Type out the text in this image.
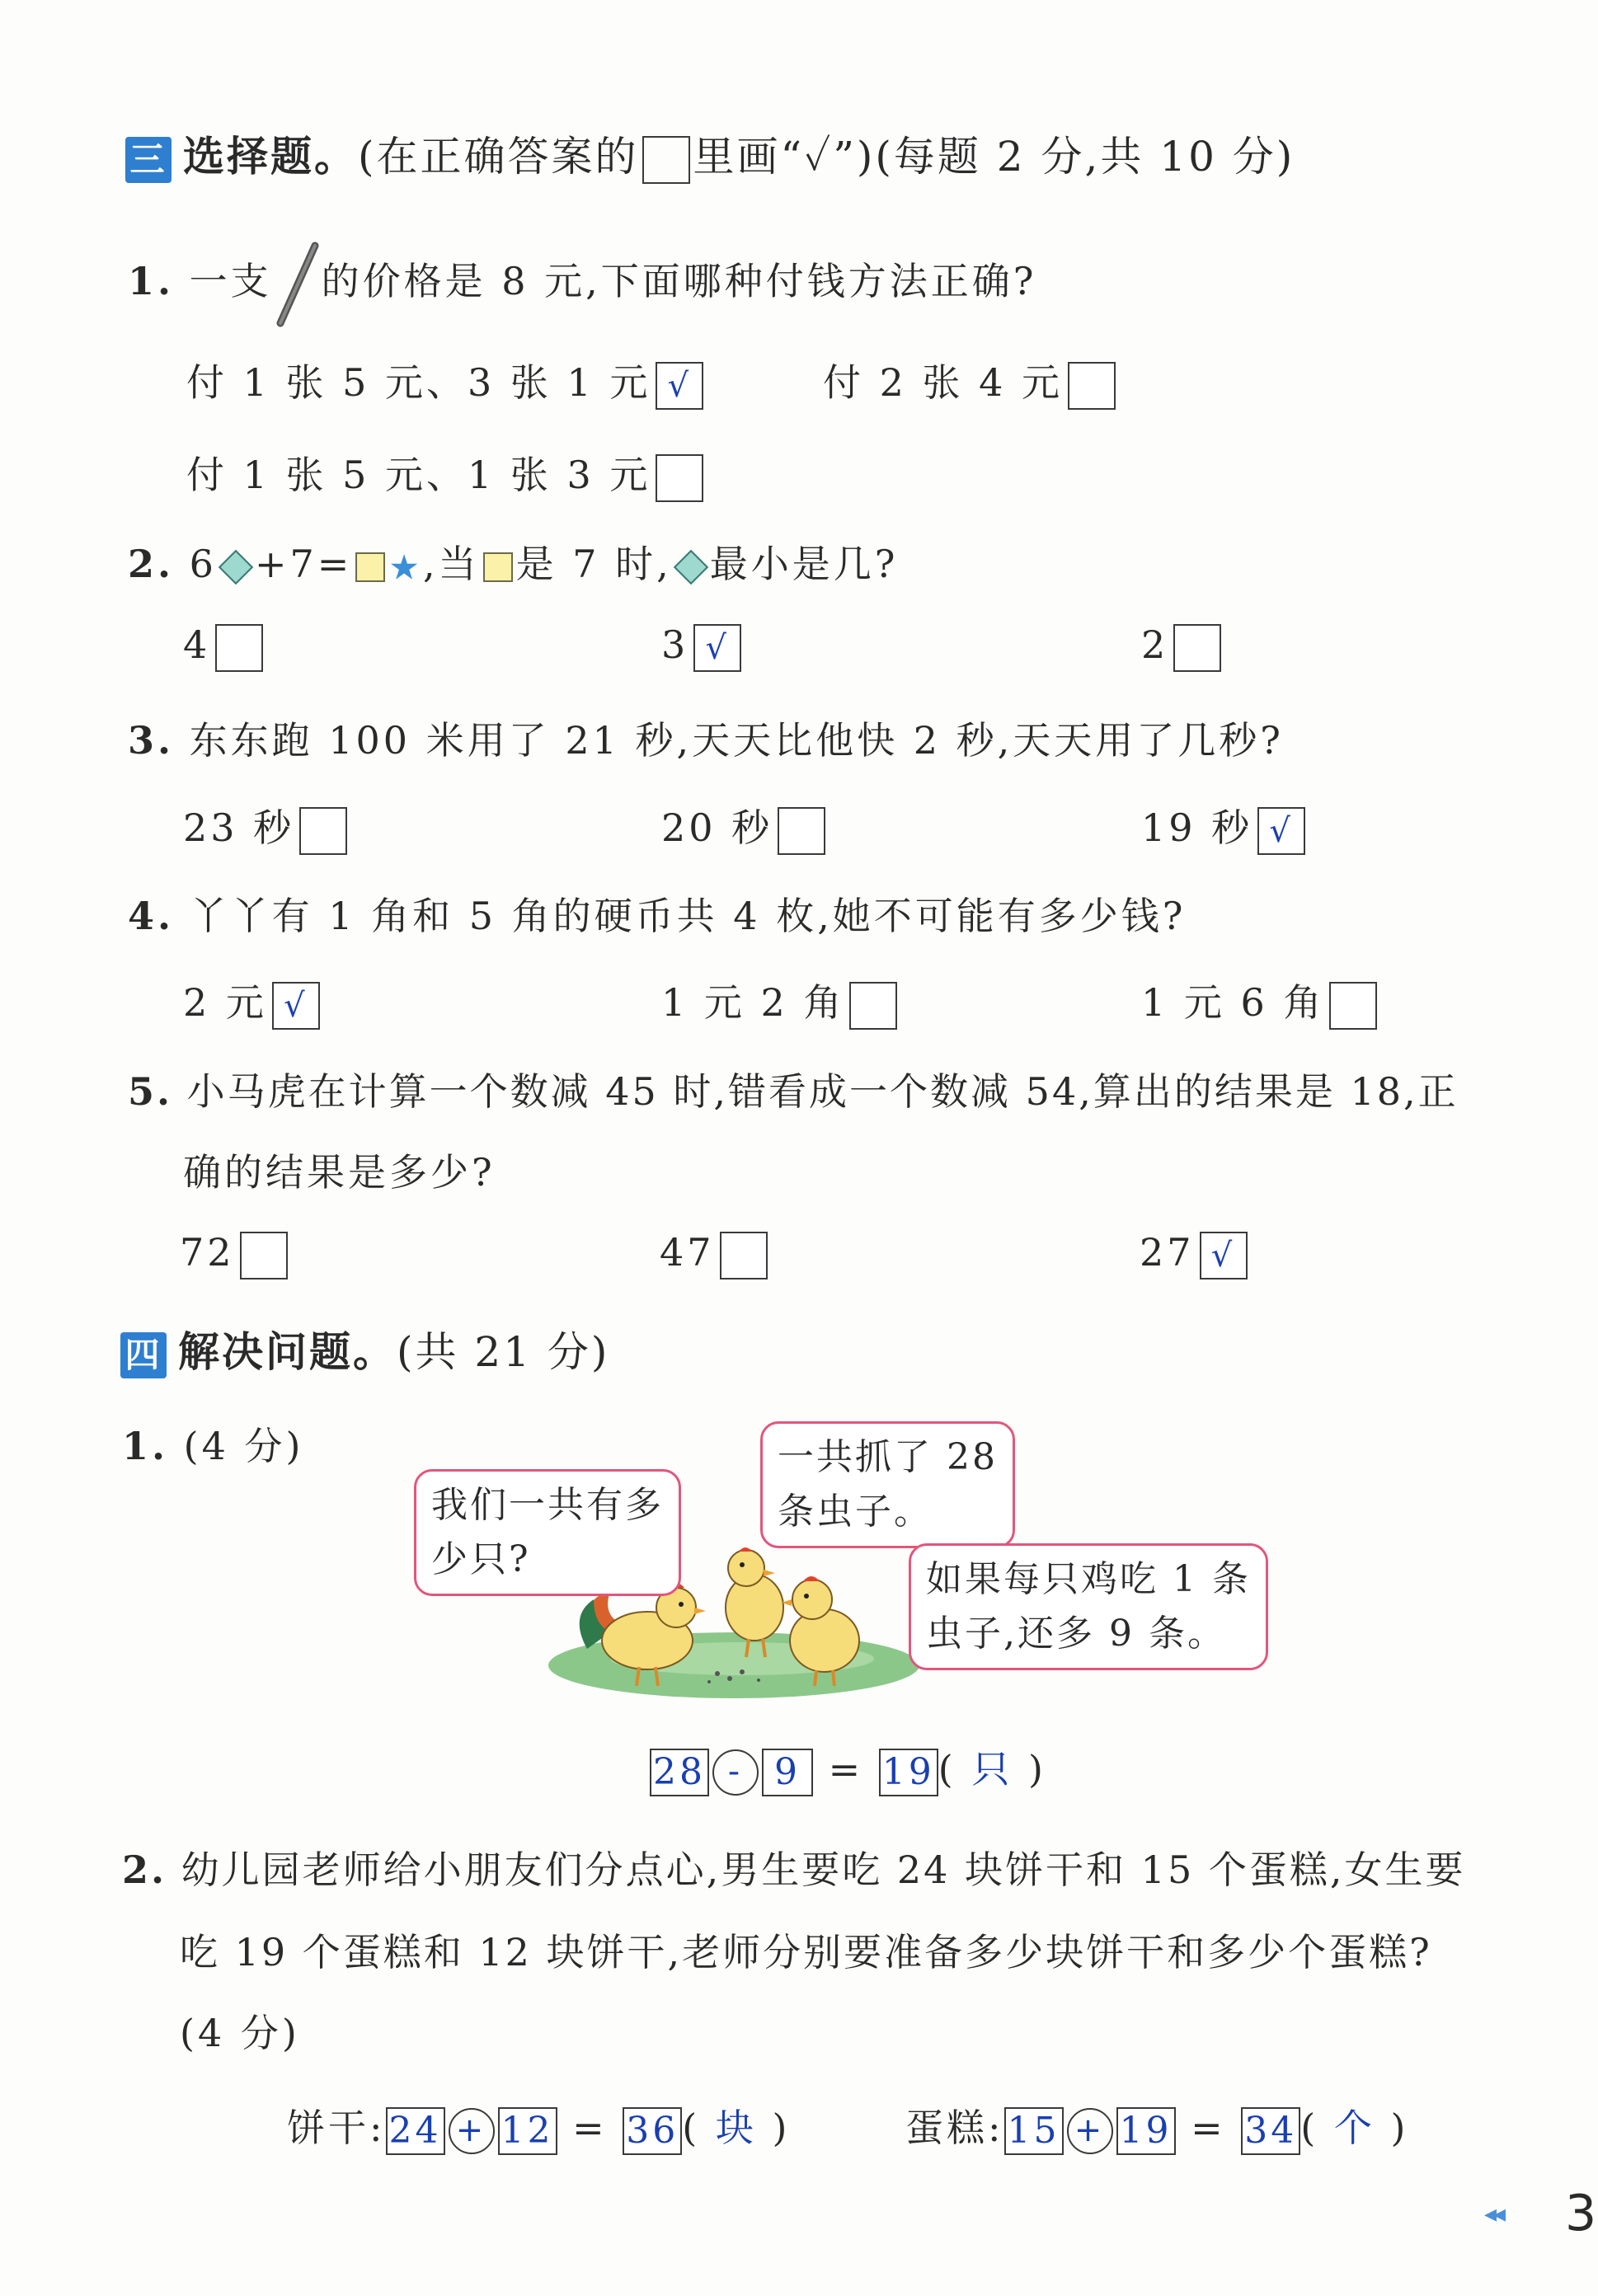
三 选择题。(在正确答案的 里画“✓”)(每题 2 分,共 10 分)
1. 一支 的价格是 8 元,下面哪种付钱方法正确?
付 1 张 5 元、3 张 1 元 √	付 2 张 4 元
付 1 张 5 元、1 张 3 元
2. 6 +7= ★,当 是 7 时, 最小是几?
4	3 √	2
3. 东东跑 100 米用了 21 秒,天天比他快 2 秒,天天用了几秒?
23 秒	20 秒	19 秒 √
4. 丫丫有 1 角和 5 角的硬币共 4 枚,她不可能有多少钱?
2 元 √	1 元 2 角	1 元 6 角
5. 小马虎在计算一个数减 45 时,错看成一个数减 54,算出的结果是 18,正
确的结果是多少?
72	47	27 √
四 解决问题。(共 21 分)
1. (4 分)
我们一共有多
少只?
一共抓了 28
条虫子。
如果每只鸡吃 1 条
虫子,还多 9 条。
28 - 9 = 19( 只 )
2. 幼儿园老师给小朋友们分点心,男生要吃 24 块饼干和 15 个蛋糕,女生要
吃 19 个蛋糕和 12 块饼干,老师分别要准备多少块饼干和多少个蛋糕?
(4 分)
饼干:24 + 12 = 36( 块 )	蛋糕:15 + 19 = 34( 个 )
◂◂ 3
